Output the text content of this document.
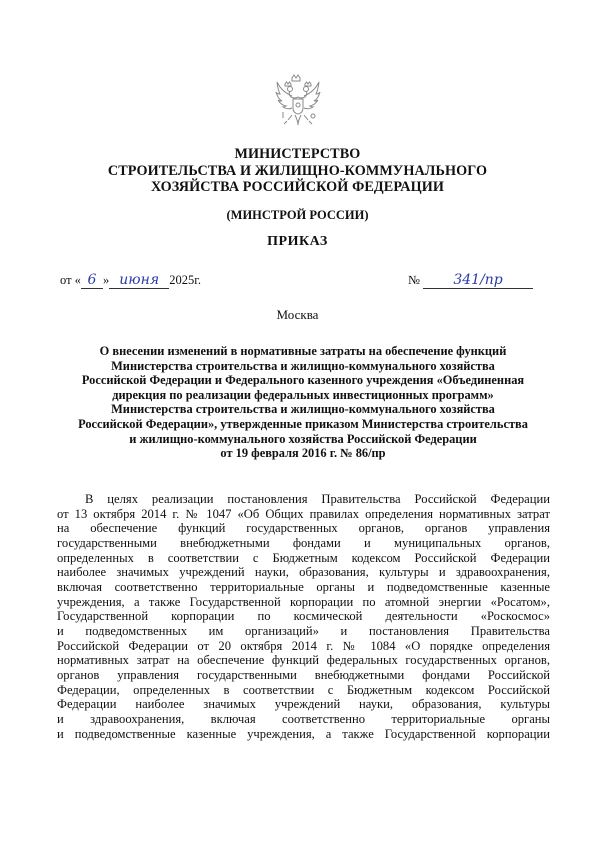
МИНИСТЕРСТВО
СТРОИТЕЛЬСТВА И ЖИЛИЩНО-КОММУНАЛЬНОГО
ХОЗЯЙСТВА РОССИЙСКОЙ ФЕДЕРАЦИИ
(МИНСТРОЙ РОССИИ)
ПРИКАЗ
от « 6 » июня 2025г.	№ 341/пр
Москва
О внесении изменений в нормативные затраты на обеспечение функций
Министерства строительства и жилищно-коммунального хозяйства
Российской Федерации и Федерального казенного учреждения «Объединенная
дирекция по реализации федеральных инвестиционных программ»
Министерства строительства и жилищно-коммунального хозяйства
Российской Федерации», утвержденные приказом Министерства строительства
и жилищно-коммунального хозяйства Российской Федерации
от 19 февраля 2016 г. № 86/пр
В целях реализации постановления Правительства Российской Федерации
от 13 октября 2014 г. № 1047 «Об Общих правилах определения нормативных затрат
на обеспечение функций государственных органов, органов управления
государственными внебюджетными фондами и муниципальных органов,
определенных в соответствии с Бюджетным кодексом Российской Федерации
наиболее значимых учреждений науки, образования, культуры и здравоохранения,
включая соответственно территориальные органы и подведомственные казенные
учреждения, а также Государственной корпорации по атомной энергии «Росатом»,
Государственной корпорации по космической деятельности «Роскосмос»
и подведомственных им организаций» и постановления Правительства
Российской Федерации от 20 октября 2014 г. № 1084 «О порядке определения
нормативных затрат на обеспечение функций федеральных государственных органов,
органов управления государственными внебюджетными фондами Российской
Федерации, определенных в соответствии с Бюджетным кодексом Российской
Федерации наиболее значимых учреждений науки, образования, культуры
и здравоохранения, включая соответственно территориальные органы
и подведомственные казенные учреждения, а также Государственной корпорации
